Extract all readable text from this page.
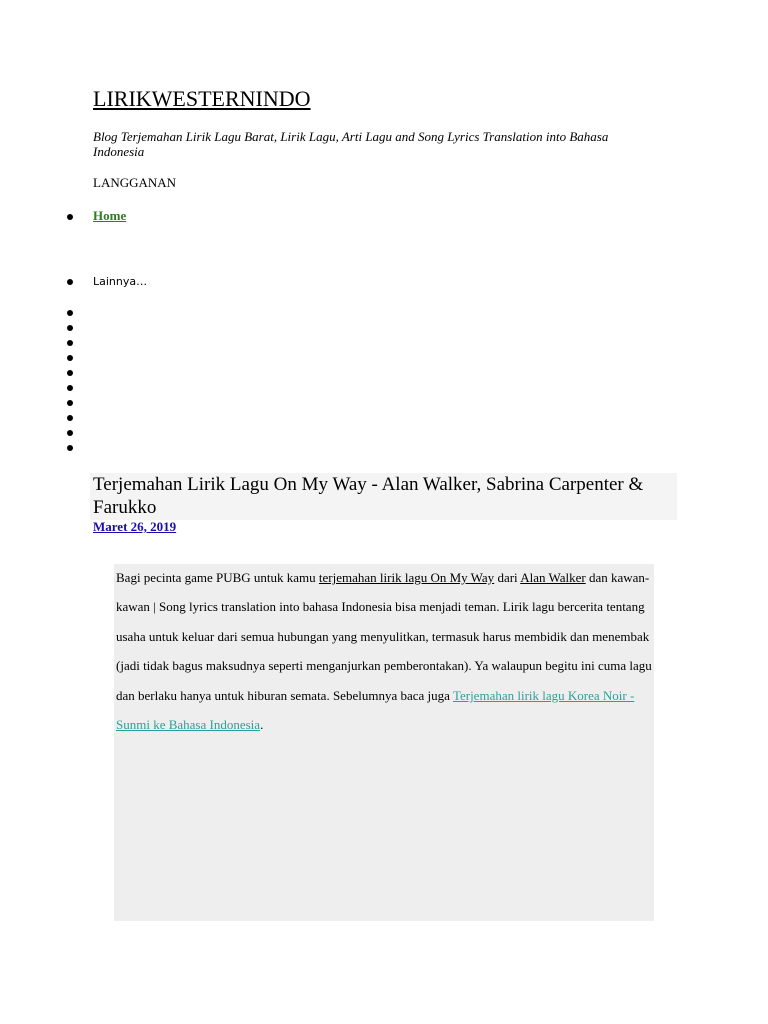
LIRIKWESTERNINDO
Blog Terjemahan Lirik Lagu Barat, Lirik Lagu, Arti Lagu and Song Lyrics Translation into Bahasa Indonesia
LANGGANAN
Home
Lainnya…
Terjemahan Lirik Lagu On My Way - Alan Walker, Sabrina Carpenter & Farukko
Maret 26, 2019
Bagi pecinta game PUBG untuk kamu terjemahan lirik lagu On My Way dari Alan Walker dan kawan-kawan | Song lyrics translation into bahasa Indonesia bisa menjadi teman. Lirik lagu bercerita tentang usaha untuk keluar dari semua hubungan yang menyulitkan, termasuk harus membidik dan menembak (jadi tidak bagus maksudnya seperti menganjurkan pemberontakan). Ya walaupun begitu ini cuma lagu dan berlaku hanya untuk hiburan semata. Sebelumnya baca juga Terjemahan lirik lagu Korea Noir - Sunmi ke Bahasa Indonesia.
